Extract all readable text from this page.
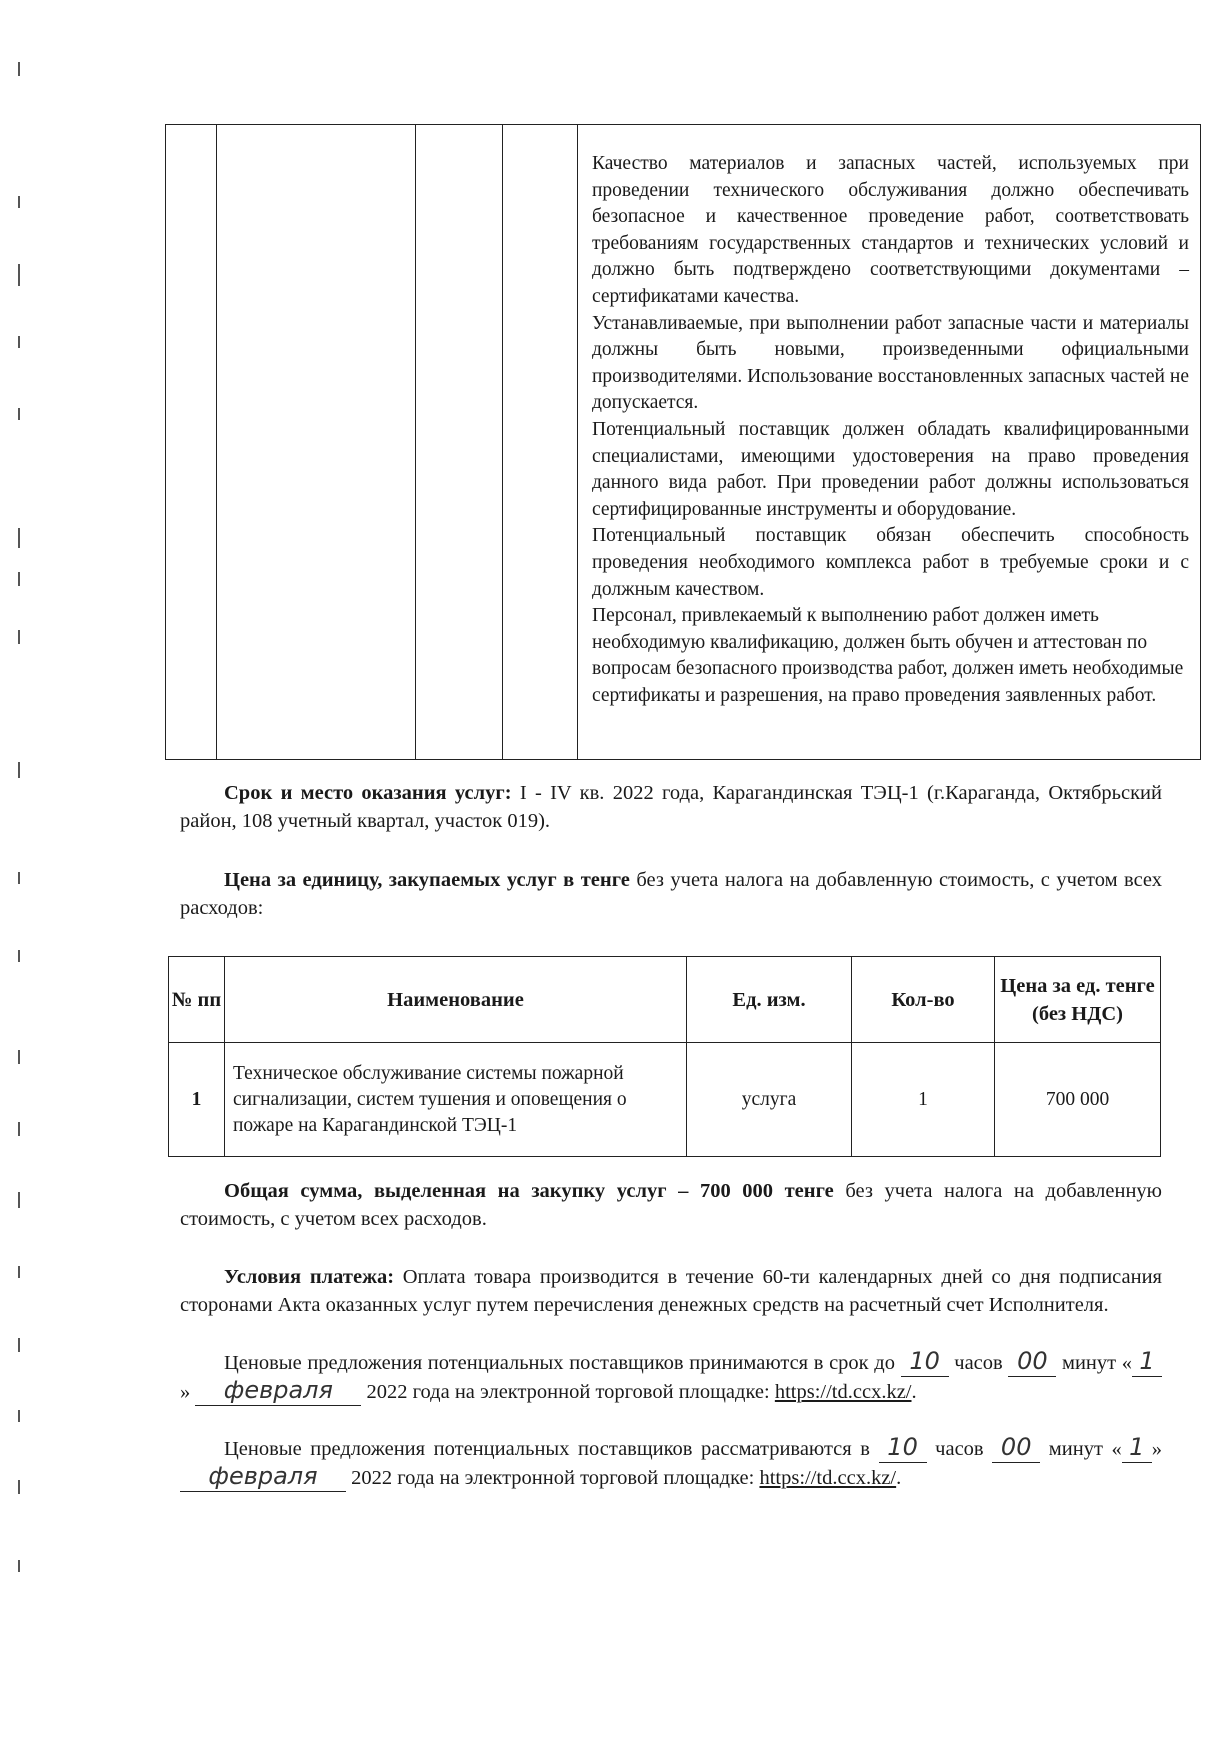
Качество материалов и запасных частей, используемых при проведении технического обслуживания должно обеспечивать безопасное и качественное проведение работ, соответствовать требованиям государственных стандартов и технических условий и должно быть подтверждено соответствующими документами – сертификатами качества.

Устанавливаемые, при выполнении работ запасные части и материалы должны быть новыми, произведенными официальными производителями. Использование восстановленных запасных частей не допускается.

Потенциальный поставщик должен обладать квалифицированными специалистами, имеющими удостоверения на право проведения данного вида работ. При проведении работ должны использоваться сертифицированные инструменты и оборудование.

Потенциальный поставщик обязан обеспечить способность проведения необходимого комплекса работ в требуемые сроки и с должным качеством.

Персонал, привлекаемый к выполнению работ должен иметь необходимую квалификацию, должен быть обучен и аттестован по вопросам безопасного производства работ, должен иметь необходимые сертификаты и разрешения, на право проведения заявленных работ.

Срок и место оказания услуг: I - IV кв. 2022 года, Карагандинская ТЭЦ-1 (г.Караганда, Октябрьский район, 108 учетный квартал, участок 019).

Цена за единицу, закупаемых услуг в тенге без учета налога на добавленную стоимость, с учетом всех расходов:

№ пп	Наименование	Ед. изм.	Кол-во	Цена за ед. тенге (без НДС)
1	Техническое обслуживание системы пожарной сигнализации, систем тушения и оповещения о пожаре на Карагандинской ТЭЦ-1	услуга	1	700 000

Общая сумма, выделенная на закупку услуг – 700 000 тенге без учета налога на добавленную стоимость, с учетом всех расходов.

Условия платежа: Оплата товара производится в течение 60-ти календарных дней со дня подписания сторонами Акта оказанных услуг путем перечисления денежных средств на расчетный счет Исполнителя.

Ценовые предложения потенциальных поставщиков принимаются в срок до 10 часов 00 минут « 1» февраля 2022 года на электронной торговой площадке: https://td.ccx.kz/.

Ценовые предложения потенциальных поставщиков рассматриваются в 10 часов 00 минут « 1 » февраля 2022 года на электронной торговой площадке: https://td.ccx.kz/.
